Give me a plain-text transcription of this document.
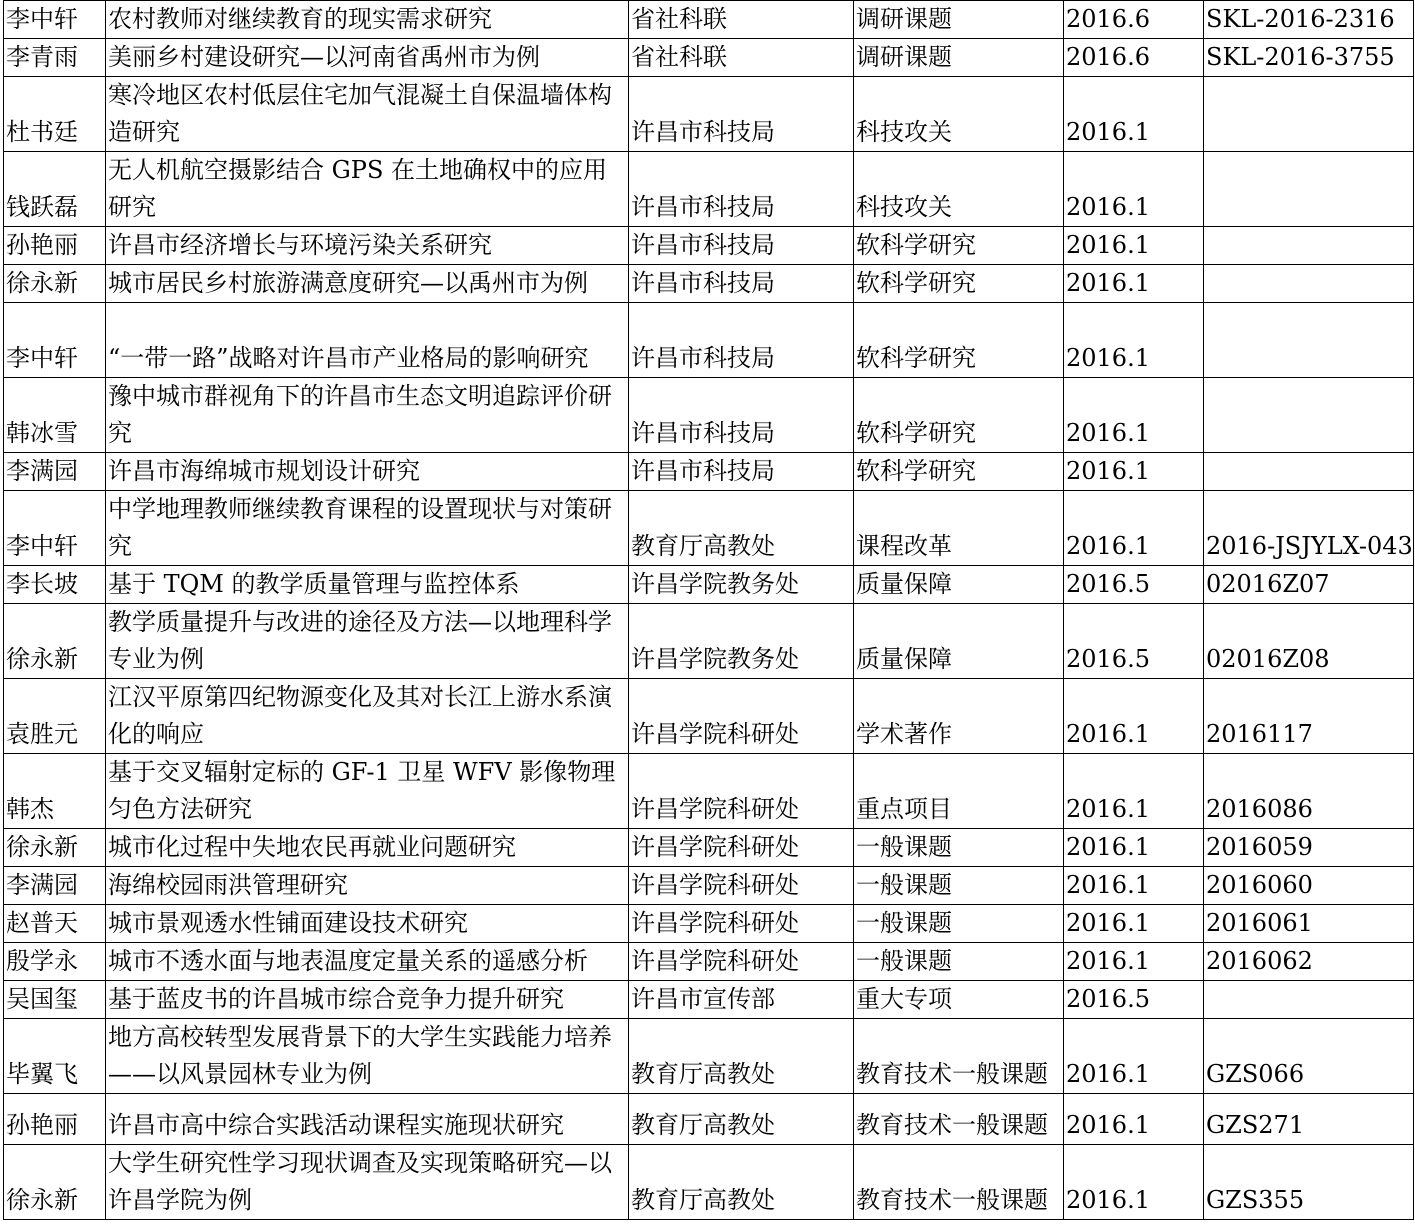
李中轩	农村教师对继续教育的现实需求研究	省社科联	调研课题	2016.6	SKL-2016-2316
李青雨	美丽乡村建设研究—以河南省禹州市为例	省社科联	调研课题	2016.6	SKL-2016-3755
杜书廷	寒冷地区农村低层住宅加气混凝土自保温墙体构造研究	许昌市科技局	科技攻关	2016.1	
钱跃磊	无人机航空摄影结合 GPS 在土地确权中的应用研究	许昌市科技局	科技攻关	2016.1	
孙艳丽	许昌市经济增长与环境污染关系研究	许昌市科技局	软科学研究	2016.1	
徐永新	城市居民乡村旅游满意度研究—以禹州市为例	许昌市科技局	软科学研究	2016.1	
李中轩	“一带一路”战略对许昌市产业格局的影响研究	许昌市科技局	软科学研究	2016.1	
韩冰雪	豫中城市群视角下的许昌市生态文明追踪评价研究	许昌市科技局	软科学研究	2016.1	
李满园	许昌市海绵城市规划设计研究	许昌市科技局	软科学研究	2016.1	
李中轩	中学地理教师继续教育课程的设置现状与对策研究	教育厅高教处	课程改革	2016.1	2016-JSJYLX-043
李长坡	基于 TQM 的教学质量管理与监控体系	许昌学院教务处	质量保障	2016.5	02016Z07
徐永新	教学质量提升与改进的途径及方法—以地理科学专业为例	许昌学院教务处	质量保障	2016.5	02016Z08
袁胜元	江汉平原第四纪物源变化及其对长江上游水系演化的响应	许昌学院科研处	学术著作	2016.1	2016117
韩杰	基于交叉辐射定标的 GF-1 卫星 WFV 影像物理匀色方法研究	许昌学院科研处	重点项目	2016.1	2016086
徐永新	城市化过程中失地农民再就业问题研究	许昌学院科研处	一般课题	2016.1	2016059
李满园	海绵校园雨洪管理研究	许昌学院科研处	一般课题	2016.1	2016060
赵普天	城市景观透水性铺面建设技术研究	许昌学院科研处	一般课题	2016.1	2016061
殷学永	城市不透水面与地表温度定量关系的遥感分析	许昌学院科研处	一般课题	2016.1	2016062
吴国玺	基于蓝皮书的许昌城市综合竞争力提升研究	许昌市宣传部	重大专项	2016.5	
毕翼飞	地方高校转型发展背景下的大学生实践能力培养——以风景园林专业为例	教育厅高教处	教育技术一般课题	2016.1	GZS066
孙艳丽	许昌市高中综合实践活动课程实施现状研究	教育厅高教处	教育技术一般课题	2016.1	GZS271
徐永新	大学生研究性学习现状调查及实现策略研究—以许昌学院为例	教育厅高教处	教育技术一般课题	2016.1	GZS355
